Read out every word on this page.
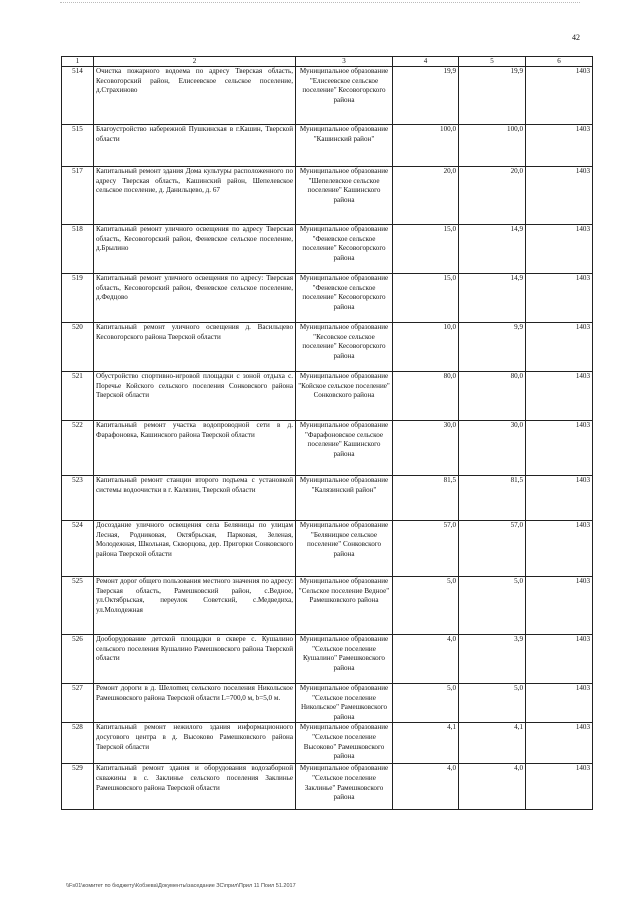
42
1	2	3	4	5	6
514	Очистка пожарного водоема по адресу Тверская область, Кесовогорский район, Елисеевское сельское поселение, д.Страхиново	Муниципальное образование "Елисеевское сельское поселение" Кесовогорского района	19,9	19,9	1403
515	Благоустройство набережной Пушкинская в г.Кашин, Тверской области	Муниципальное образование "Кашинский район"	100,0	100,0	1403
517	Капитальный ремонт здания Дома культуры расположенного по адресу Тверская область, Кашинский район, Шепелевское сельское поселение, д. Данильцево, д. 67	Муниципальное образование "Шепелевское сельское поселение" Кашинского района	20,0	20,0	1403
518	Капитальный ремонт уличного освещения по адресу Тверская область, Кесовогорский район, Феневское сельское поселение, д.Брылино	Муниципальное образование "Феневское сельское поселение" Кесовогорского района	15,0	14,9	1403
519	Капитальный ремонт уличного освещения по адресу: Тверская область, Кесовогорский район, Феневское сельское поселение, д.Федцово	Муниципальное образование "Феневское сельское поселение" Кесовогорского района	15,0	14,9	1403
520	Капитальный ремонт уличного освещения д. Васильцево Кесовогорского района Тверской области	Муниципальное образование "Кесовское сельское поселение" Кесовогорского района	10,0	9,9	1403
521	Обустройство спортивно-игровой площадки с зоной отдыха с. Поречье Койского сельского поселения Сонковского района Тверской области	Муниципальное образование "Койское сельское поселение" Сонковского района	80,0	80,0	1403
522	Капитальный ремонт участка водопроводной сети в д. Фарафоновка, Кашинского района Тверской области	Муниципальное образование "Фарафоновское сельское поселение" Кашинского района	30,0	30,0	1403
523	Капитальный ремонт станции второго подъема с установкой системы водоочистки в г. Калязин, Тверской области	Муниципальное образование "Калязинский район"	81,5	81,5	1403
524	Досоздание уличного освещения села Беляницы по улицам Лесная, Родниковая, Октябрьская, Парковая, Зеленая, Молодежная, Школьная, Скворцова, дер. Пригорки Сонковского района Тверской области	Муниципальное образование "Беляницкое сельское поселение" Сонковского района	57,0	57,0	1403
525	Ремонт дорог общего пользования местного значения по адресу: Тверская область, Рамешковский район, с.Ведное, ул.Октябрьская, переулок Советский, с.Медведиха, ул.Молодежная	Муниципальное образование "Сельское поселение Ведное" Рамешковского района	5,0	5,0	1403
526	Дооборудование детской площадки в сквере с. Кушалино сельского поселения Кушалино Рамешковского района Тверской области	Муниципальное образование "Сельское поселение Кушалино" Рамешковского района	4,0	3,9	1403
527	Ремонт дороги в д. Шелomец сельского поселения Никольское Рамешковского района Тверской области L=700,0 м, b=5,0 м.	Муниципальное образование "Сельское поселение Никольское" Рамешковского района	5,0	5,0	1403
528	Капитальный ремонт нежилого здания информационного досугового центра в д. Высоково Рамешковского района Тверской области	Муниципальное образование "Сельское поселение Высоково" Рамешковского района	4,1	4,1	1403
529	Капитальный ремонт здания и оборудования водозаборной скважины в с. Заклинье сельского поселения Заклинье Рамешковского района Тверской области	Муниципальное образование "Сельское поселение Заклинье" Рамешковского района	4,0	4,0	1403
\\Fs01\комитет по бюджету\Кобзева\Документы\заседание ЗС\прил\Прил 11 Поил 51.2017
